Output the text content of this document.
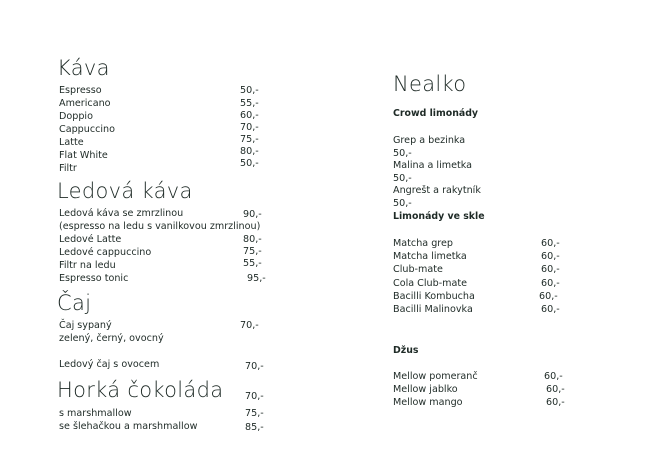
Káva
Espresso
Americano
Doppio
Cappuccino
Latte
Flat White
Filtr
50,-
55,-
60,-
70,-
75,-
80,-
50,-
Ledová káva
Ledová káva se zmrzlinou
(espresso na ledu s vanilkovou zmrzlinou)
Ledové Latte
Ledové cappuccino
Filtr na ledu
Espresso tonic
90,-
80,-
75,-
55,-
95,-
Čaj
Čaj sypaný
zelený, černý, ovocný
Ledový čaj s ovocem
70,-
70,-
Horká čokoláda
s marshmallow
se šlehačkou a marshmallow
70,-
75,-
85,-
Nealko
Crowd limonády
Grep a bezinka
50,-
Malina a limetka
50,-
Angrešt a rakytník
50,-
Limonády ve skle
Matcha grep
Matcha limetka
Club-mate
Cola Club-mate
Bacilli Kombucha
Bacilli Malinovka
60,-
60,-
60,-
60,-
60,-
60,-
Džus
Mellow pomeranč
Mellow jablko
Mellow mango
60,-
60,-
60,-
